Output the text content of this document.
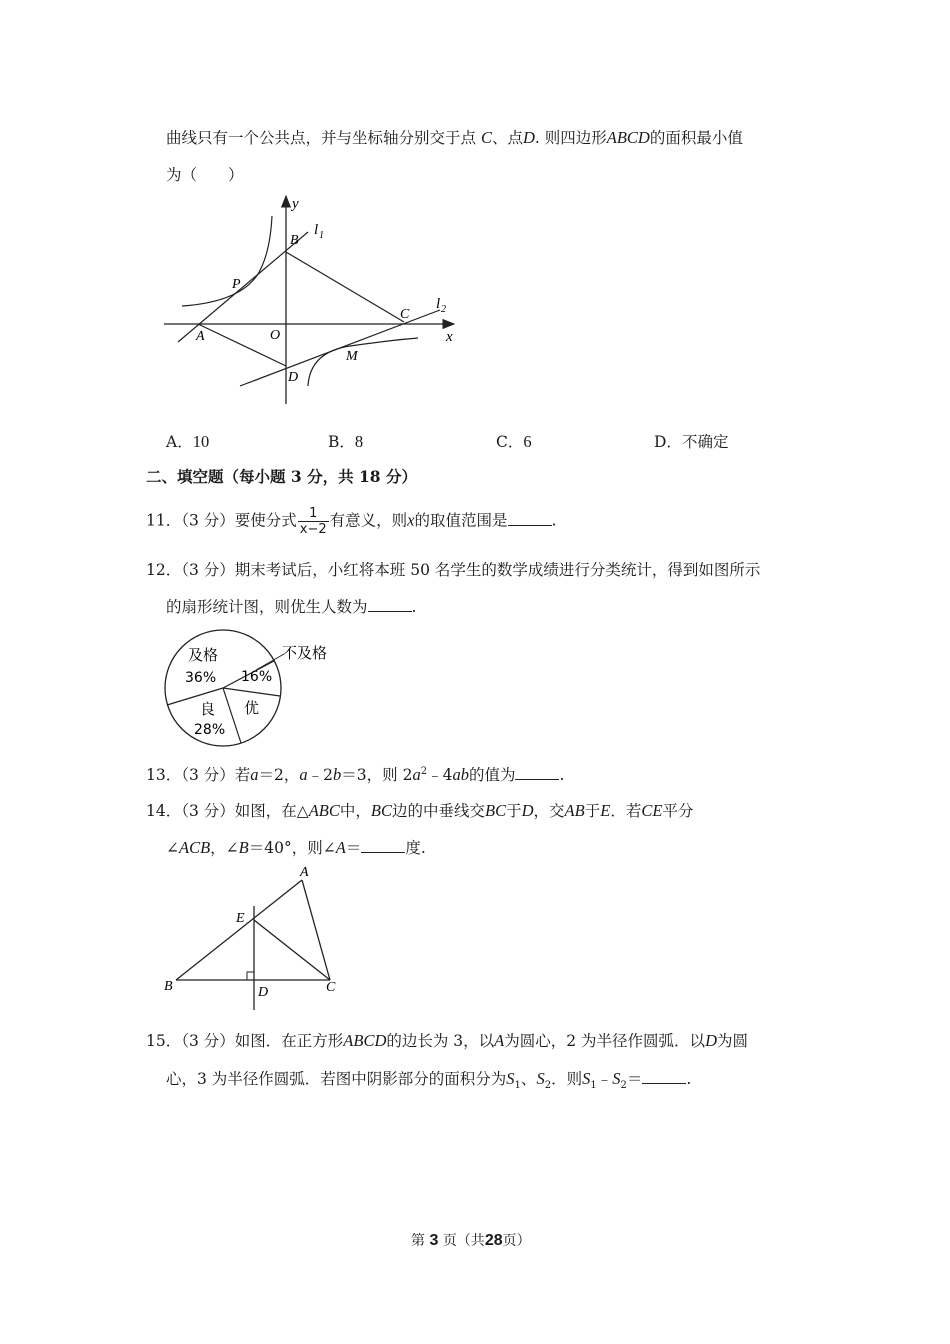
曲线只有一个公共点，并与坐标轴分别交于点 C、点D. 则四边形ABCD的面积最小值
为（　　）
y
x
B
l 1
P
C
l 2
A	O
D
M
A．10	B．8	C．6	D．不确定
二、填空题（每小题 3 分，共 18 分）
11．（3 分）要使分式 $\frac{1}{x-2}$ 有意义，则x的取值范围是	.
12．（3 分）期末考试后，小红将本班 50 名学生的数学成绩进行分类统计，得到如图所示
的扇形统计图，则优生人数为	.
及格
36%
不及格
16%
良
28%
优
13．（3 分）若a＝2，a﹣2b＝3，则 $2a^2﹣4ab$的值为	.
14．（3 分）如图，在△ABC中，BC边的中垂线交BC于D，交AB于E．若CE平分
∠ACB，∠B＝40°，则∠A＝	度.
A
E
B	D	C
15．（3 分）如图．在正方形ABCD的边长为 3，以A为圆心，2 为半径作圆弧．以D为圆
心，3 为半径作圆弧．若图中阴影部分的面积分为$S_1$、$S_2$．则$S_1﹣S_2=$	.
第 3 页（共28页）
